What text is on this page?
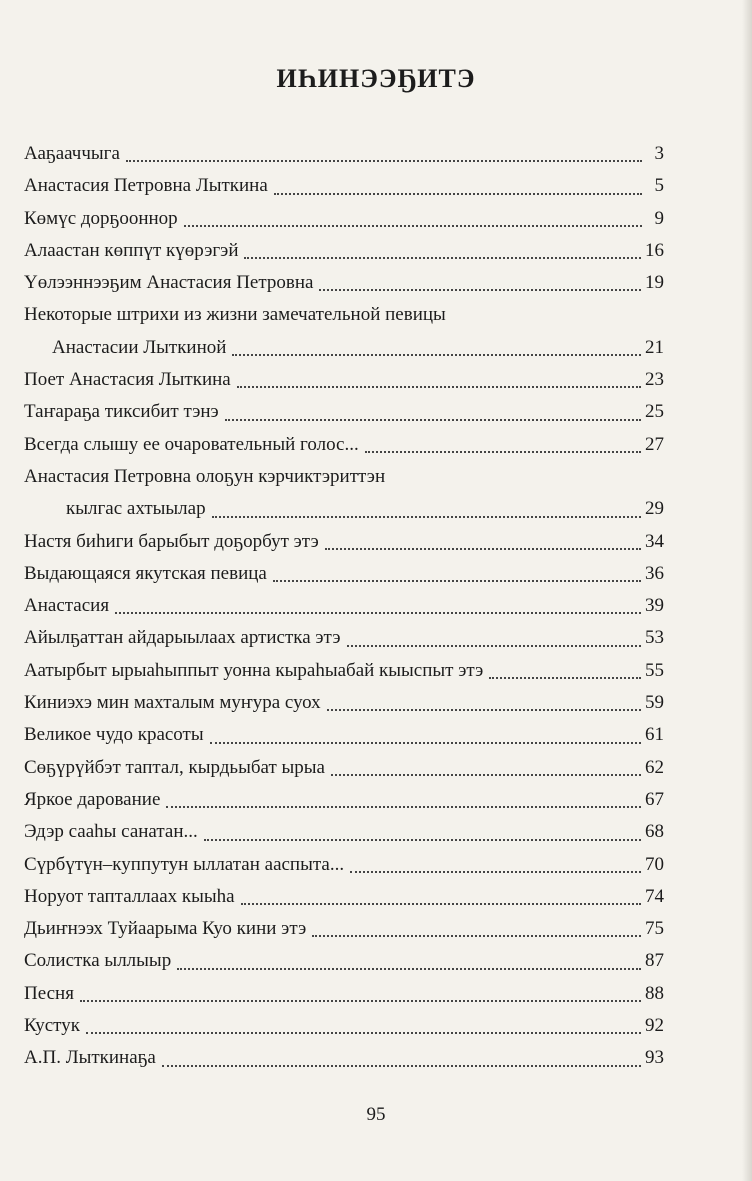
ИҺИНЭЭҔИТЭ
Ааҕааччыга	3
Анастасия Петровна Лыткина	5
Көмүс дорҕооннор	9
Алаастан көппүт күөрэгэй	16
Үөлээннээҕим Анастасия Петровна	19
Некоторые штрихи из жизни замечательной певицы
Анастасии Лыткиной	21
Поет Анастасия Лыткина	23
Таҥараҕа тиксибит тэнэ	25
Всегда слышу ее очаровательный голос...	27
Анастасия Петровна олоҕун кэрчиктэриттэн
кылгас ахтыылар	29
Настя биһиги барыбыт доҕорбут этэ	34
Выдающаяся якутская певица	36
Анастасия	39
Айылҕаттан айдарыылаах артистка этэ	53
Аатырбыт ырыаһыппыт уонна кыраһыабай кыыспыт этэ	55
Киниэхэ мин махталым муҥура суох	59
Великое чудо красоты	61
Сөҕүрүйбэт таптал, кырдьыбат ырыа	62
Яркое дарование	67
Эдэр сааһы санатан...	68
Сүрбүтүн–куппутун ыллатан ааспыта...	70
Норуот тапталлаах кыыһа	74
Дьиҥнээх Туйаарыма Куо кини этэ	75
Солистка ыллыыр	87
Песня	88
Кустук	92
А.П. Лыткинаҕа	93
95
